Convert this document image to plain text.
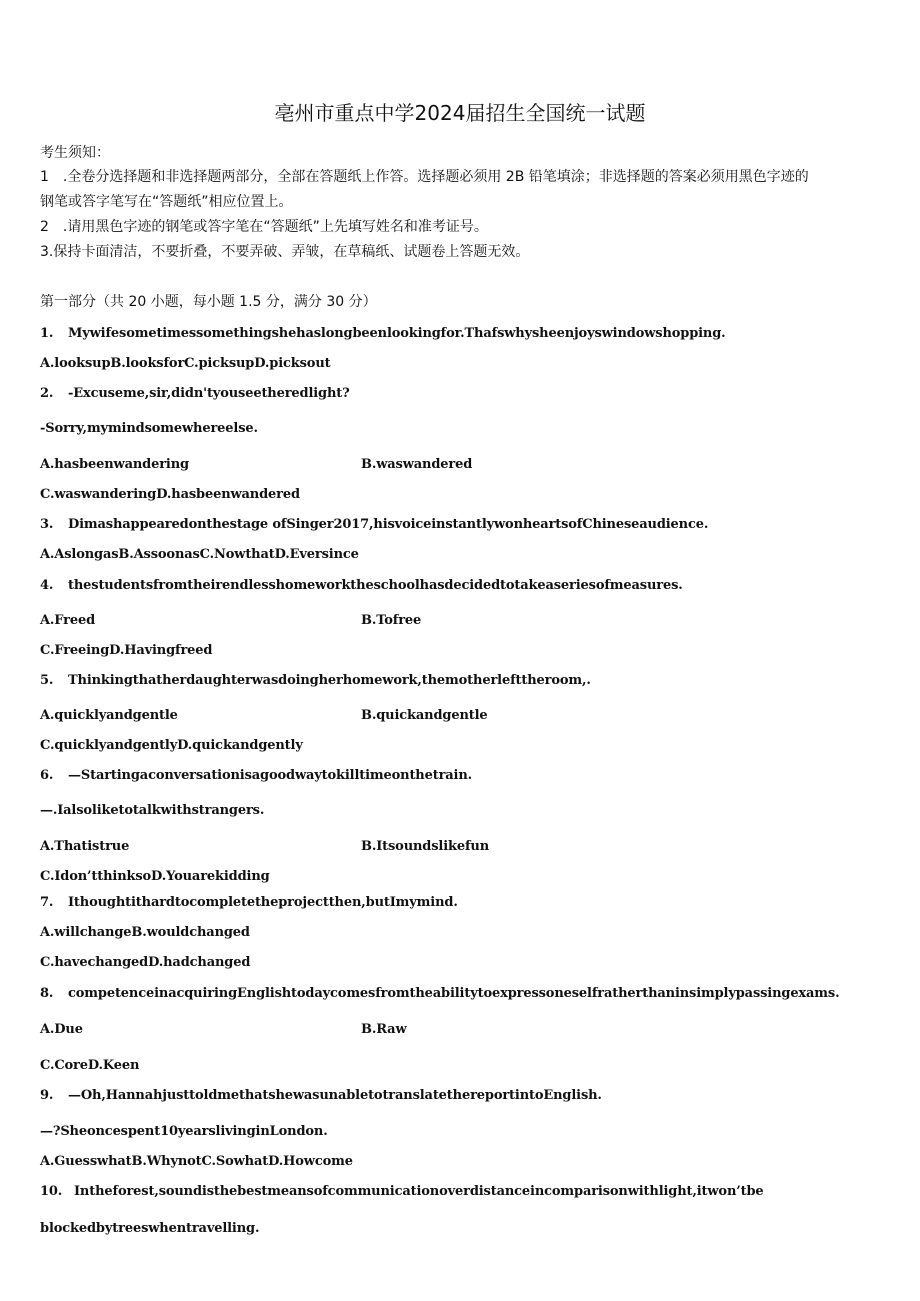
亳州市重点中学2024届招生全国统一试题
考生须知：
1　.全卷分选择题和非选择题两部分，全部在答题纸上作答。选择题必须用 2B 铅笔填涂；非选择题的答案必须用黑色字迹的
钢笔或答字笔写在“答题纸”相应位置上。
2　.请用黑色字迹的钢笔或答字笔在“答题纸”上先填写姓名和准考证号。
3.保持卡面清洁，不要折叠，不要弄破、弄皱，在草稿纸、试题卷上答题无效。
第一部分（共 20 小题，每小题 1.5 分，满分 30 分）
1. Mywifesometimessomethingshehaslongbeenlookingfor.Thafswhysheenjoyswindowshopping.
A.looksupB.looksforC.picksupD.picksout
2. -Excuseme,sir,didn'tyouseetheredlight?
-Sorry,mymindsomewhereelse.
A.hasbeenwandering	B.waswandered
C.waswanderingD.hasbeenwandered
3. Dimashappearedonthestage ofSinger2017,hisvoiceinstantlywonheartsofChineseaudience.
A.AslongasB.AssoonasC.NowthatD.Eversince
4. thestudentsfromtheirendlesshomeworktheschoolhasdecidedtotakeaseriesofmeasures.
A.Freed	B.Tofree
C.FreeingD.Havingfreed
5. Thinkingthatherdaughterwasdoingherhomework,themotherlefttheroom,.
A.quicklyandgentle	B.quickandgentle
C.quicklyandgentlyD.quickandgently
6. —Startingaconversationisagoodwaytokilltimeonthetrain.
—.Ialsoliketotalkwithstrangers.
A.Thatistrue	B.Itsoundslikefun
C.Idon’tthinksoD.Youarekidding
7. Ithoughtithardtocompletetheprojectthen,butImymind.
A.willchangeB.wouldchanged
C.havechangedD.hadchanged
8. competenceinacquiringEnglishtodaycomesfromtheabilitytoexpressoneselfratherthaninsimplypassingexams.
A.Due	B.Raw
C.CoreD.Keen
9. —Oh,HannahjusttoldmethatshewasunabletotranslatethereportintoEnglish.
—?Sheoncespent10yearslivinginLondon.
A.GuesswhatB.WhynotC.SowhatD.Howcome
10. Intheforest,soundisthebestmeansofcommunicationoverdistanceincomparisonwithlight,itwon’tbe
blockedbytreeswhentravelling.
